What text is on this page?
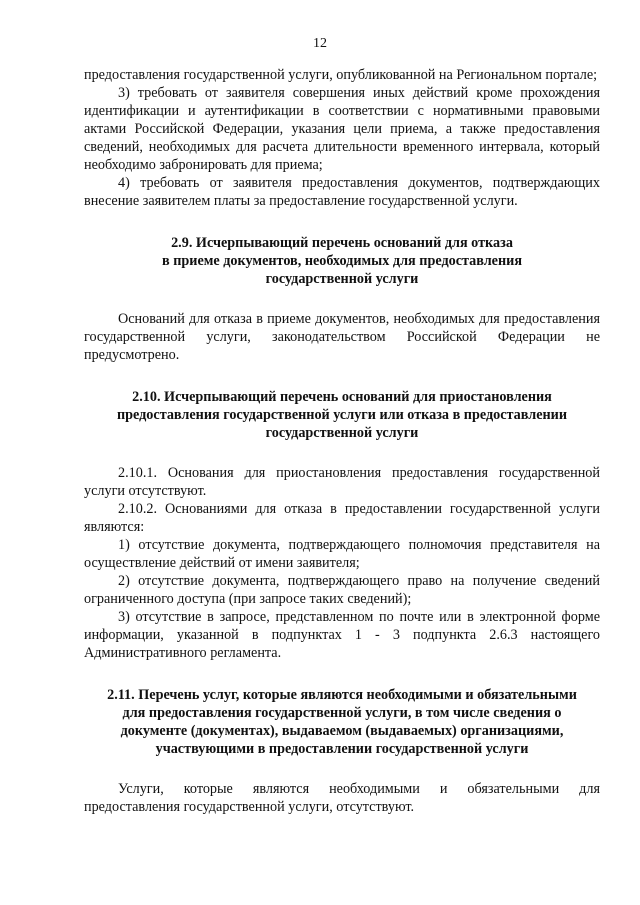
12

предоставления государственной услуги, опубликованной на Региональном портале;

3) требовать от заявителя совершения иных действий кроме прохождения идентификации и аутентификации в соответствии с нормативными правовыми актами Российской Федерации, указания цели приема, а также предоставления сведений, необходимых для расчета длительности временного интервала, который необходимо забронировать для приема;

4) требовать от заявителя предоставления документов, подтверждающих внесение заявителем платы за предоставление государственной услуги.

2.9. Исчерпывающий перечень оснований для отказа

в приеме документов, необходимых для предоставления

государственной услуги

Оснований для отказа в приеме документов, необходимых для предоставления государственной услуги, законодательством Российской Федерации не предусмотрено.

2.10. Исчерпывающий перечень оснований для приостановления

предоставления государственной услуги или отказа в предоставлении

государственной услуги

2.10.1. Основания для приостановления предоставления государственной услуги отсутствуют.

2.10.2. Основаниями для отказа в предоставлении государственной услуги являются:

1) отсутствие документа, подтверждающего полномочия представителя на осуществление действий от имени заявителя;

2) отсутствие документа, подтверждающего право на получение сведений ограниченного доступа (при запросе таких сведений);

3) отсутствие в запросе, представленном по почте или в электронной форме информации, указанной в подпунктах 1 - 3 подпункта 2.6.3 настоящего Административного регламента.

2.11. Перечень услуг, которые являются необходимыми и обязательными

для предоставления государственной услуги, в том числе сведения о

документе (документах), выдаваемом (выдаваемых) организациями,

участвующими в предоставлении государственной услуги

Услуги, которые являются необходимыми и обязательными для предоставления государственной услуги, отсутствуют.
